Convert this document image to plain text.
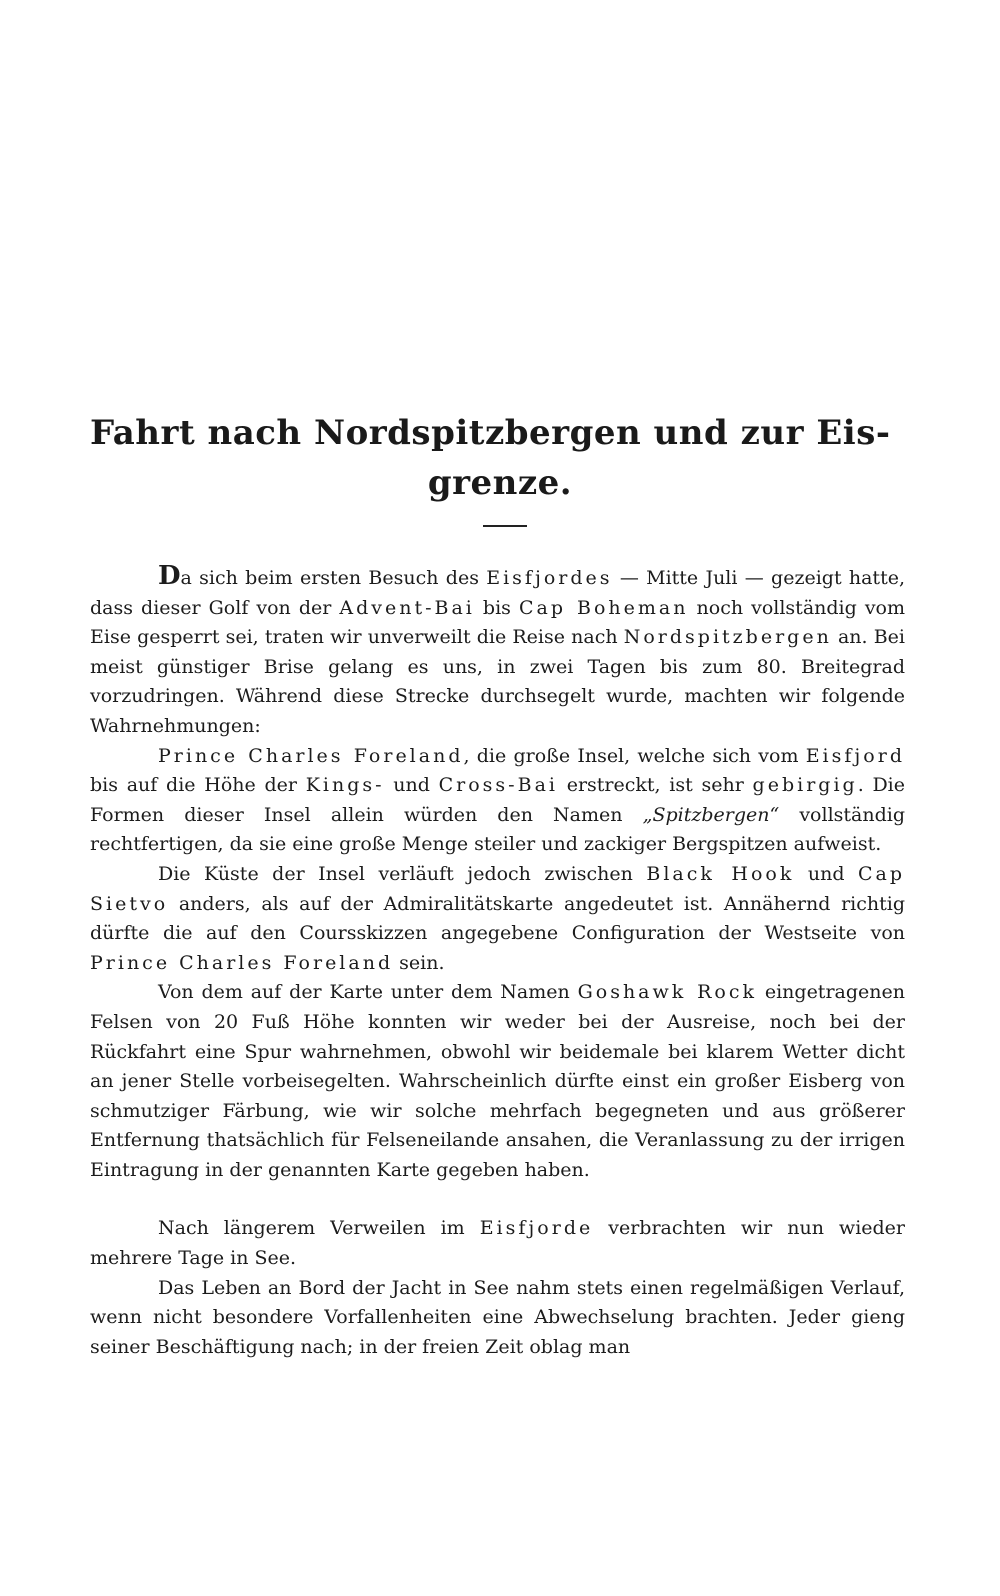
Fahrt nach Nordspitzbergen und zur Eis-
grenze.

Da sich beim ersten Besuch des Eisfjordes — Mitte Juli — gezeigt hatte, dass dieser Golf von der Advent-Bai bis Cap Boheman noch vollständig vom Eise gesperrt sei, traten wir unverweilt die Reise nach Nordspitzbergen an. Bei meist günstiger Brise gelang es uns, in zwei Tagen bis zum 80. Breitegrad vorzudringen. Während diese Strecke durchsegelt wurde, machten wir folgende Wahrnehmungen:

Prince Charles Foreland, die große Insel, welche sich vom Eisfjord bis auf die Höhe der Kings- und Cross-Bai erstreckt, ist sehr gebirgig. Die Formen dieser Insel allein würden den Namen „Spitzbergen“ vollständig rechtfertigen, da sie eine große Menge steiler und zackiger Bergspitzen aufweist.

Die Küste der Insel verläuft jedoch zwischen Black Hook und Cap Sietvo anders, als auf der Admiralitätskarte angedeutet ist. Annähernd richtig dürfte die auf den Coursskizzen angegebene Configuration der Westseite von Prince Charles Foreland sein.

Von dem auf der Karte unter dem Namen Goshawk Rock eingetragenen Felsen von 20 Fuß Höhe konnten wir weder bei der Ausreise, noch bei der Rückfahrt eine Spur wahrnehmen, obwohl wir beidemale bei klarem Wetter dicht an jener Stelle vorbeisegelten. Wahrscheinlich dürfte einst ein großer Eisberg von schmutziger Färbung, wie wir solche mehrfach begegneten und aus größerer Entfernung thatsächlich für Felseneilande ansahen, die Veranlassung zu der irrigen Eintragung in der genannten Karte gegeben haben.

Nach längerem Verweilen im Eisfjorde verbrachten wir nun wieder mehrere Tage in See.

Das Leben an Bord der Jacht in See nahm stets einen regelmäßigen Verlauf, wenn nicht besondere Vorfallenheiten eine Abwechselung brachten. Jeder gieng seiner Beschäftigung nach; in der freien Zeit oblag man
